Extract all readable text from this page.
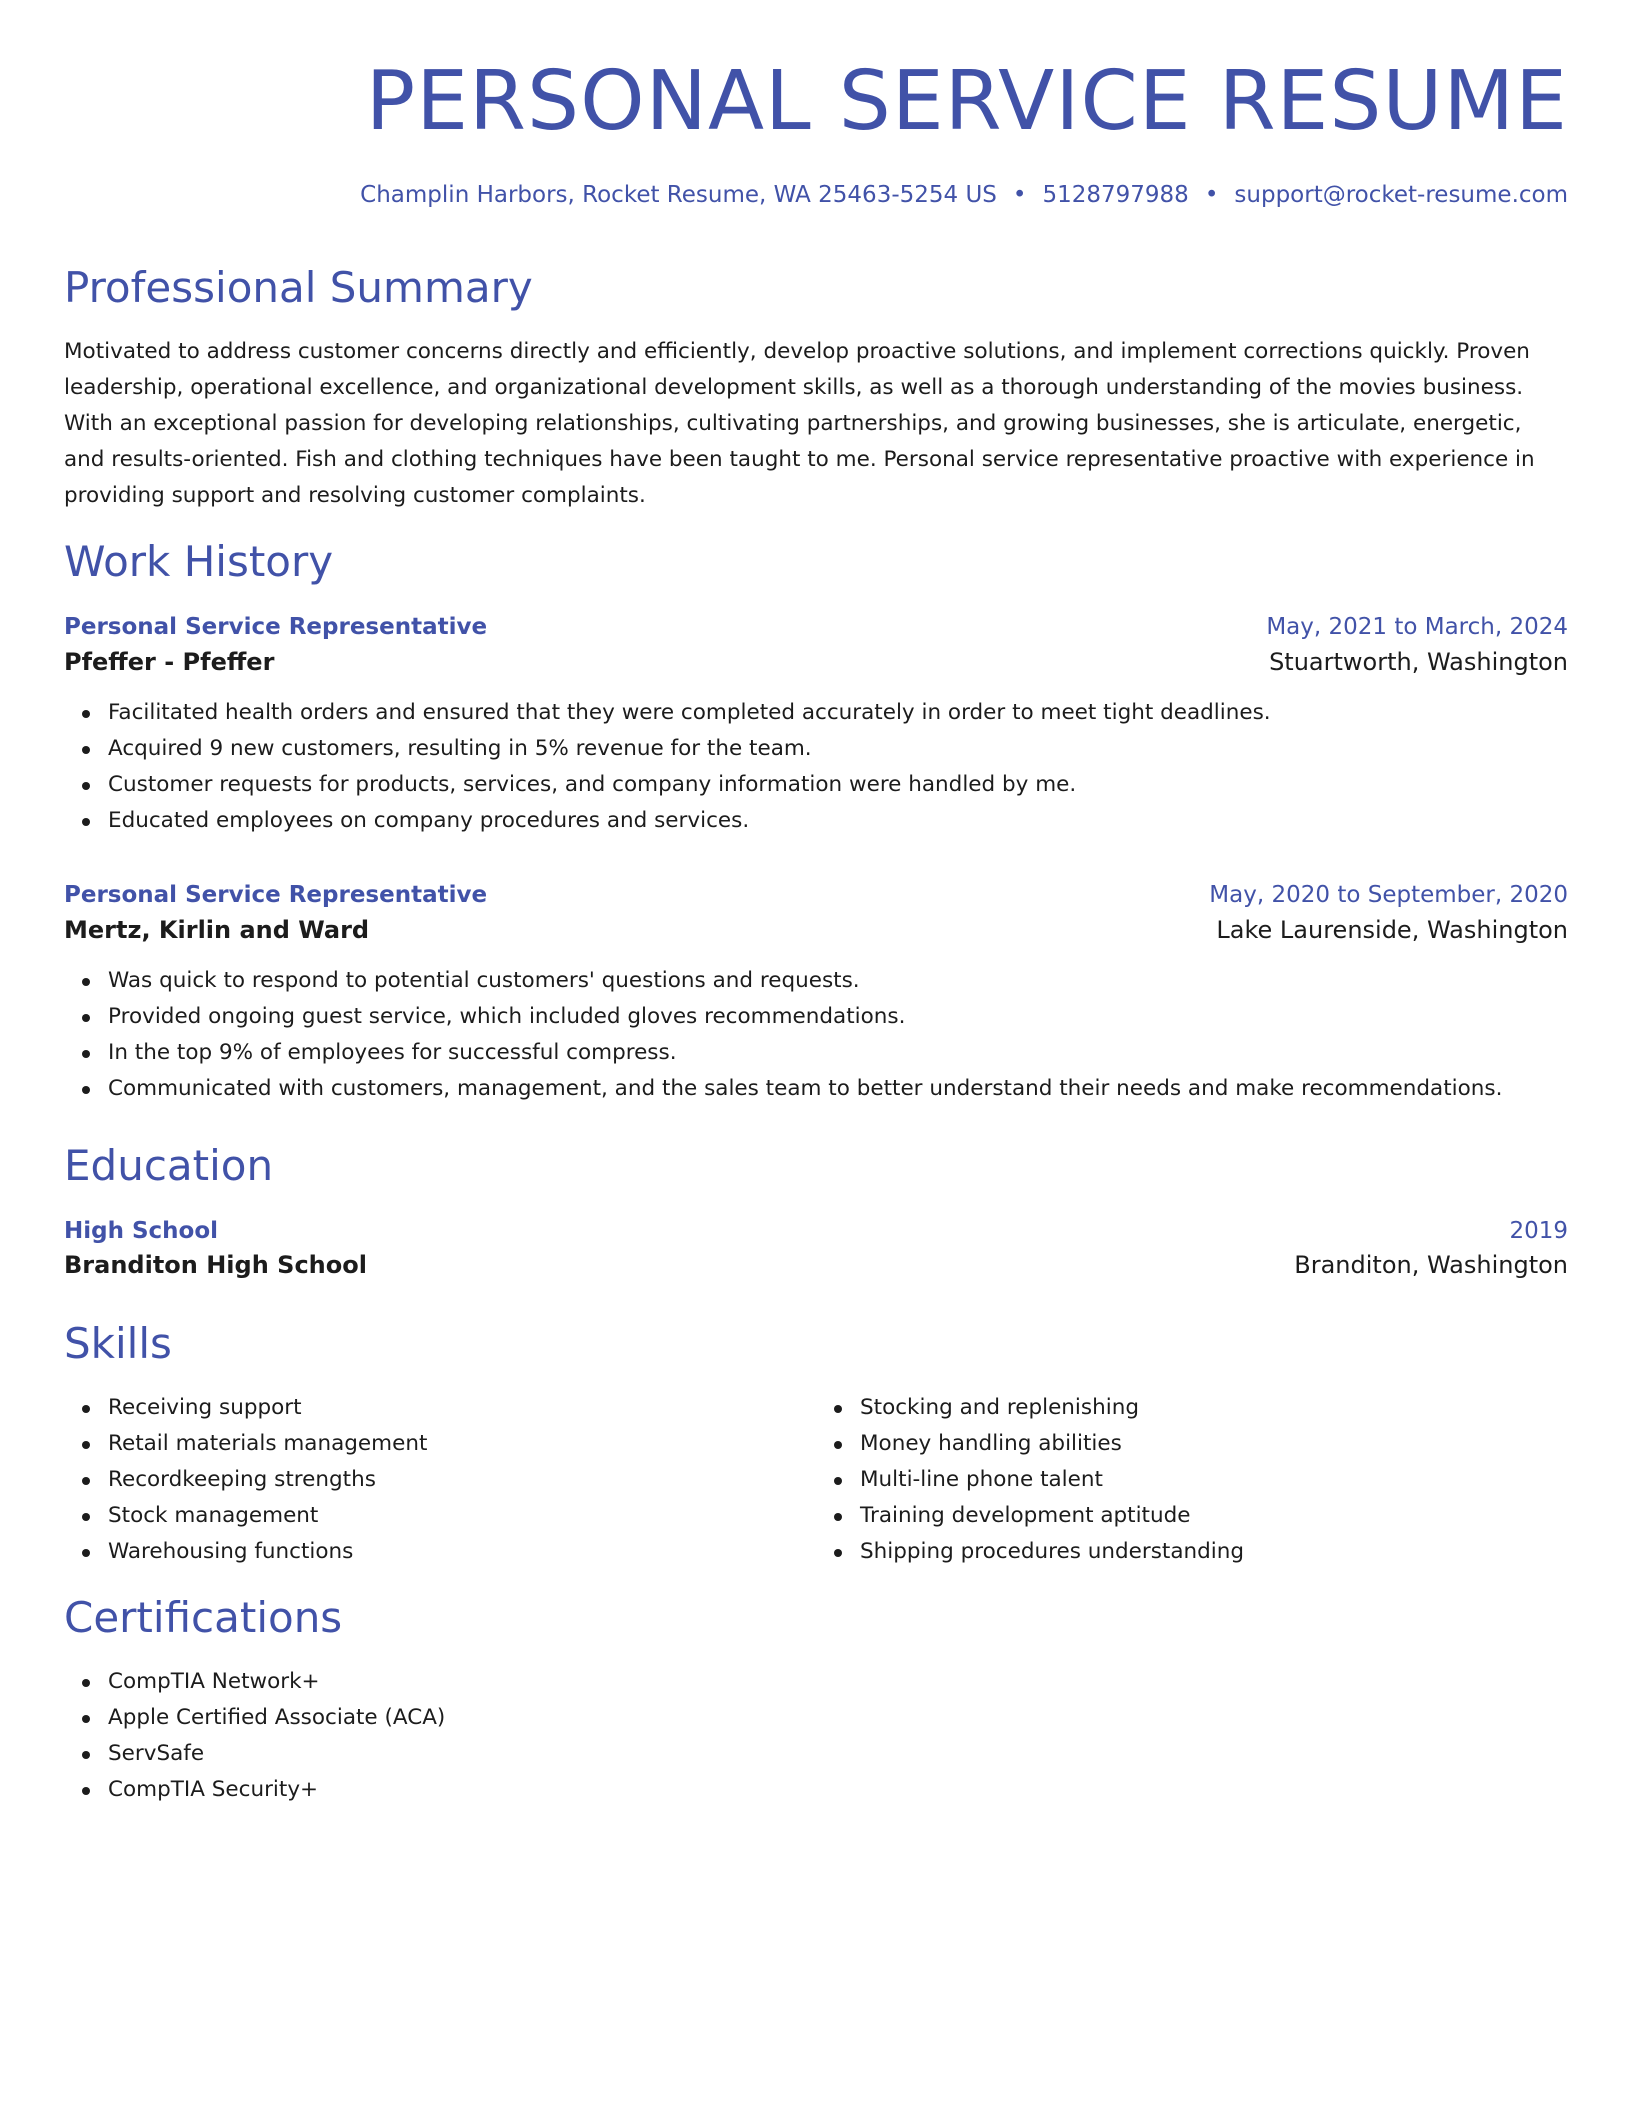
PERSONAL SERVICE RESUME
Champlin Harbors, Rocket Resume, WA 25463-5254 US • 5128797988 • support@rocket-resume.com
Professional Summary

Motivated to address customer concerns directly and efficiently, develop proactive solutions, and implement corrections quickly. Proven leadership, operational excellence, and organizational development skills, as well as a thorough understanding of the movies business. With an exceptional passion for developing relationships, cultivating partnerships, and growing businesses, she is articulate, energetic, and results-oriented. Fish and clothing techniques have been taught to me. Personal service representative proactive with experience in providing support and resolving customer complaints.

Work History
Personal Service Representative	May, 2021 to March, 2024
Pfeffer - Pfeffer	Stuartworth, Washington
Facilitated health orders and ensured that they were completed accurately in order to meet tight deadlines.
Acquired 9 new customers, resulting in 5% revenue for the team.
Customer requests for products, services, and company information were handled by me.
Educated employees on company procedures and services.
Personal Service Representative	May, 2020 to September, 2020
Mertz, Kirlin and Ward	Lake Laurenside, Washington
Was quick to respond to potential customers' questions and requests.
Provided ongoing guest service, which included gloves recommendations.
In the top 9% of employees for successful compress.
Communicated with customers, management, and the sales team to better understand their needs and make recommendations.
Education
High School	2019
Branditon High School	Branditon, Washington
Skills
Receiving support
Retail materials management
Recordkeeping strengths
Stock management
Warehousing functions
Stocking and replenishing
Money handling abilities
Multi-line phone talent
Training development aptitude
Shipping procedures understanding
Certifications
CompTIA Network+
Apple Certified Associate (ACA)
ServSafe
CompTIA Security+
